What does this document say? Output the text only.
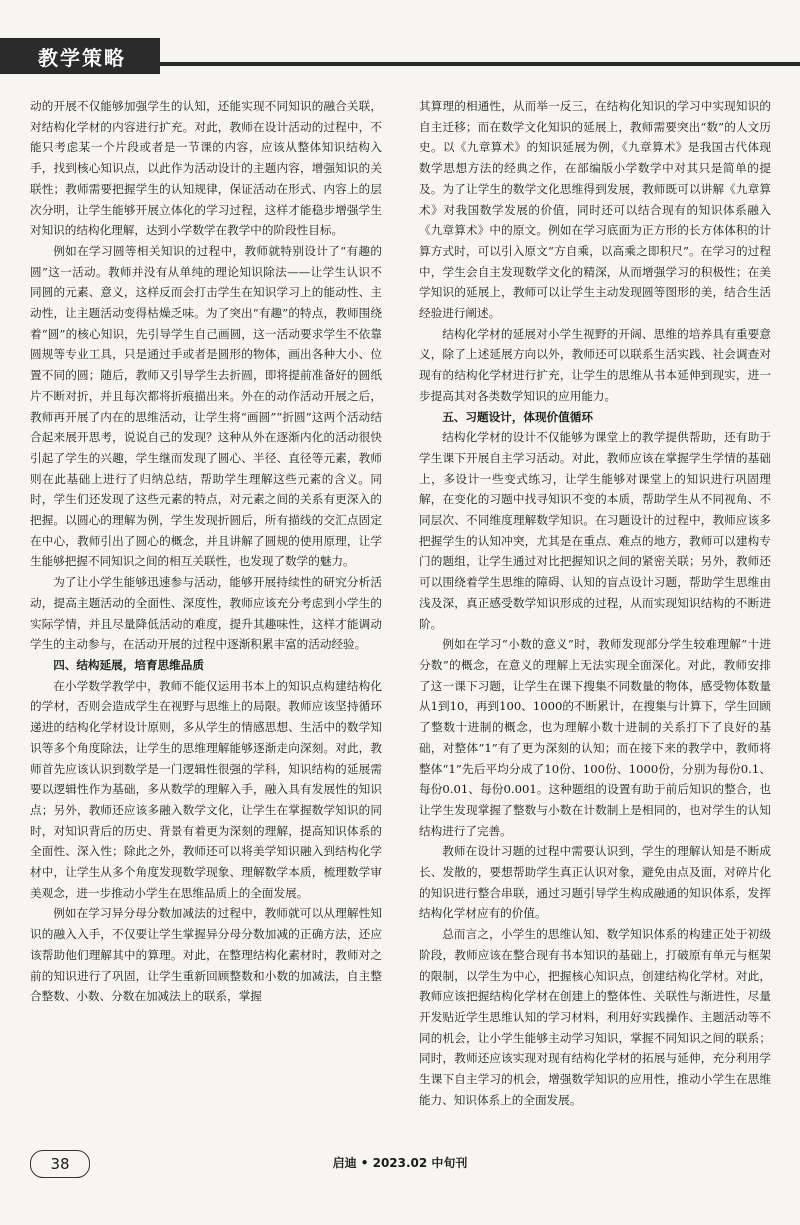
教学策略

动的开展不仅能够加强学生的认知，还能实现不同知识的融合关联，对结构化学材的内容进行扩充。对此，教师在设计活动的过程中，不能只考虑某一个片段或者是一节课的内容，应该从整体知识结构入手，找到核心知识点，以此作为活动设计的主题内容，增强知识的关联性；教师需要把握学生的认知规律，保证活动在形式、内容上的层次分明，让学生能够开展立体化的学习过程，这样才能稳步增强学生对知识的结构化理解，达到小学数学在教学中的阶段性目标。

例如在学习圆等相关知识的过程中，教师就特别设计了“有趣的圆”这一活动。教师并没有从单纯的理论知识除法——让学生认识不同圆的元素、意义，这样反而会打击学生在知识学习上的能动性、主动性，让主题活动变得枯燥乏味。为了突出“有趣”的特点，教师围绕着“圆”的核心知识，先引导学生自己画圆，这一活动要求学生不依靠圆规等专业工具，只是通过手或者是圆形的物体，画出各种大小、位置不同的圆；随后，教师又引导学生去折圆，即将提前准备好的圆纸片不断对折，并且每次都将折痕描出来。外在的动作活动开展之后，教师再开展了内在的思维活动，让学生将“画圆”“折圆”这两个活动结合起来展开思考，说说自己的发现？这种从外在逐渐内化的活动很快引起了学生的兴趣，学生继而发现了圆心、半径、直径等元素，教师则在此基础上进行了归纳总结，帮助学生理解这些元素的含义。同时，学生们还发现了这些元素的特点，对元素之间的关系有更深入的把握。以圆心的理解为例，学生发现折圆后，所有描线的交汇点固定在中心，教师引出了圆心的概念，并且讲解了圆规的使用原理，让学生能够把握不同知识之间的相互关联性，也发现了数学的魅力。

为了让小学生能够迅速参与活动，能够开展持续性的研究分析活动，提高主题活动的全面性、深度性，教师应该充分考虑到小学生的实际学情，并且尽量降低活动的难度，提升其趣味性，这样才能调动学生的主动参与，在活动开展的过程中逐渐积累丰富的活动经验。

四、结构延展，培育思维品质

在小学数学教学中，教师不能仅运用书本上的知识点构建结构化的学材，否则会造成学生在视野与思维上的局限。教师应该坚持循环递进的结构化学材设计原则，多从学生的情感思想、生活中的数学知识等多个角度除法，让学生的思维理解能够逐渐走向深刻。对此，教师首先应该认识到数学是一门逻辑性很强的学科，知识结构的延展需要以逻辑性作为基础，多从数学的理解入手，融入具有发展性的知识点；另外，教师还应该多融入数学文化，让学生在掌握数学知识的同时，对知识背后的历史、背景有着更为深刻的理解，提高知识体系的全面性、深入性；除此之外，教师还可以将美学知识融入到结构化学材中，让学生从多个角度发现数学现象、理解数学本质，梳理数学审美观念，进一步推动小学生在思维品质上的全面发展。

例如在学习异分母分数加减法的过程中，教师就可以从理解性知识的融入入手，不仅要让学生掌握异分母分数加减的正确方法，还应该帮助他们理解其中的算理。对此，在整理结构化素材时，教师对之前的知识进行了巩固，让学生重新回顾整数和小数的加减法，自主整合整数、小数、分数在加减法上的联系，掌握

其算理的相通性，从而举一反三，在结构化知识的学习中实现知识的自主迁移；而在数学文化知识的延展上，教师需要突出“数”的人文历史。以《九章算术》的知识延展为例，《九章算术》是我国古代体现数学思想方法的经典之作，在部编版小学数学中对其只是简单的提及。为了让学生的数学文化思维得到发展，教师既可以讲解《九章算术》对我国数学发展的价值，同时还可以结合现有的知识体系融入《九章算术》中的原文。例如在学习底面为正方形的长方体体积的计算方式时，可以引入原文“方自乘，以高乘之即积尺”。在学习的过程中，学生会自主发现数学文化的精深，从而增强学习的积极性；在美学知识的延展上，教师可以让学生主动发现圆等图形的美，结合生活经验进行阐述。

结构化学材的延展对小学生视野的开阔、思维的培养具有重要意义，除了上述延展方向以外，教师还可以联系生活实践、社会调查对现有的结构化学材进行扩充，让学生的思维从书本延伸到现实，进一步提高其对各类数学知识的应用能力。

五、习题设计，体现价值循环

结构化学材的设计不仅能够为课堂上的教学提供帮助，还有助于学生课下开展自主学习活动。对此，教师应该在掌握学生学情的基础上，多设计一些变式练习，让学生能够对课堂上的知识进行巩固理解，在变化的习题中找寻知识不变的本质，帮助学生从不同视角、不同层次、不同维度理解数学知识。在习题设计的过程中，教师应该多把握学生的认知冲突，尤其是在重点、难点的地方，教师可以建构专门的题组，让学生通过对比把握知识之间的紧密关联；另外，教师还可以围绕着学生思维的障碍、认知的盲点设计习题，帮助学生思维由浅及深，真正感受数学知识形成的过程，从而实现知识结构的不断进阶。

例如在学习“小数的意义”时，教师发现部分学生较难理解“十进分数”的概念，在意义的理解上无法实现全面深化。对此，教师安排了这一课下习题，让学生在课下搜集不同数量的物体，感受物体数量从1到10，再到100、1000的不断累计，在搜集与计算下，学生回顾了整数十进制的概念，也为理解小数十进制的关系打下了良好的基础，对整体“1”有了更为深刻的认知；而在接下来的教学中，教师将整体“1”先后平均分成了10份、100份、1000份，分别为每份0.1、每份0.01、每份0.001。这种题组的设置有助于前后知识的整合，也让学生发现掌握了整数与小数在计数制上是相同的，也对学生的认知结构进行了完善。

教师在设计习题的过程中需要认识到，学生的理解认知是不断成长、发散的，要想帮助学生真正认识对象，避免由点及面，对碎片化的知识进行整合串联，通过习题引导学生构成融通的知识体系，发挥结构化学材应有的价值。

总而言之，小学生的思维认知、数学知识体系的构建正处于初级阶段，教师应该在整合现有书本知识的基础上，打破原有单元与框架的限制，以学生为中心，把握核心知识点，创建结构化学材。对此，教师应该把握结构化学材在创建上的整体性、关联性与渐进性，尽量开发贴近学生思维认知的学习材料，利用好实践操作、主题活动等不同的机会，让小学生能够主动学习知识，掌握不同知识之间的联系；同时，教师还应该实现对现有结构化学材的拓展与延伸，充分利用学生课下自主学习的机会，增强数学知识的应用性，推动小学生在思维能力、知识体系上的全面发展。

38	启迪 • 2023.02 中旬刊
